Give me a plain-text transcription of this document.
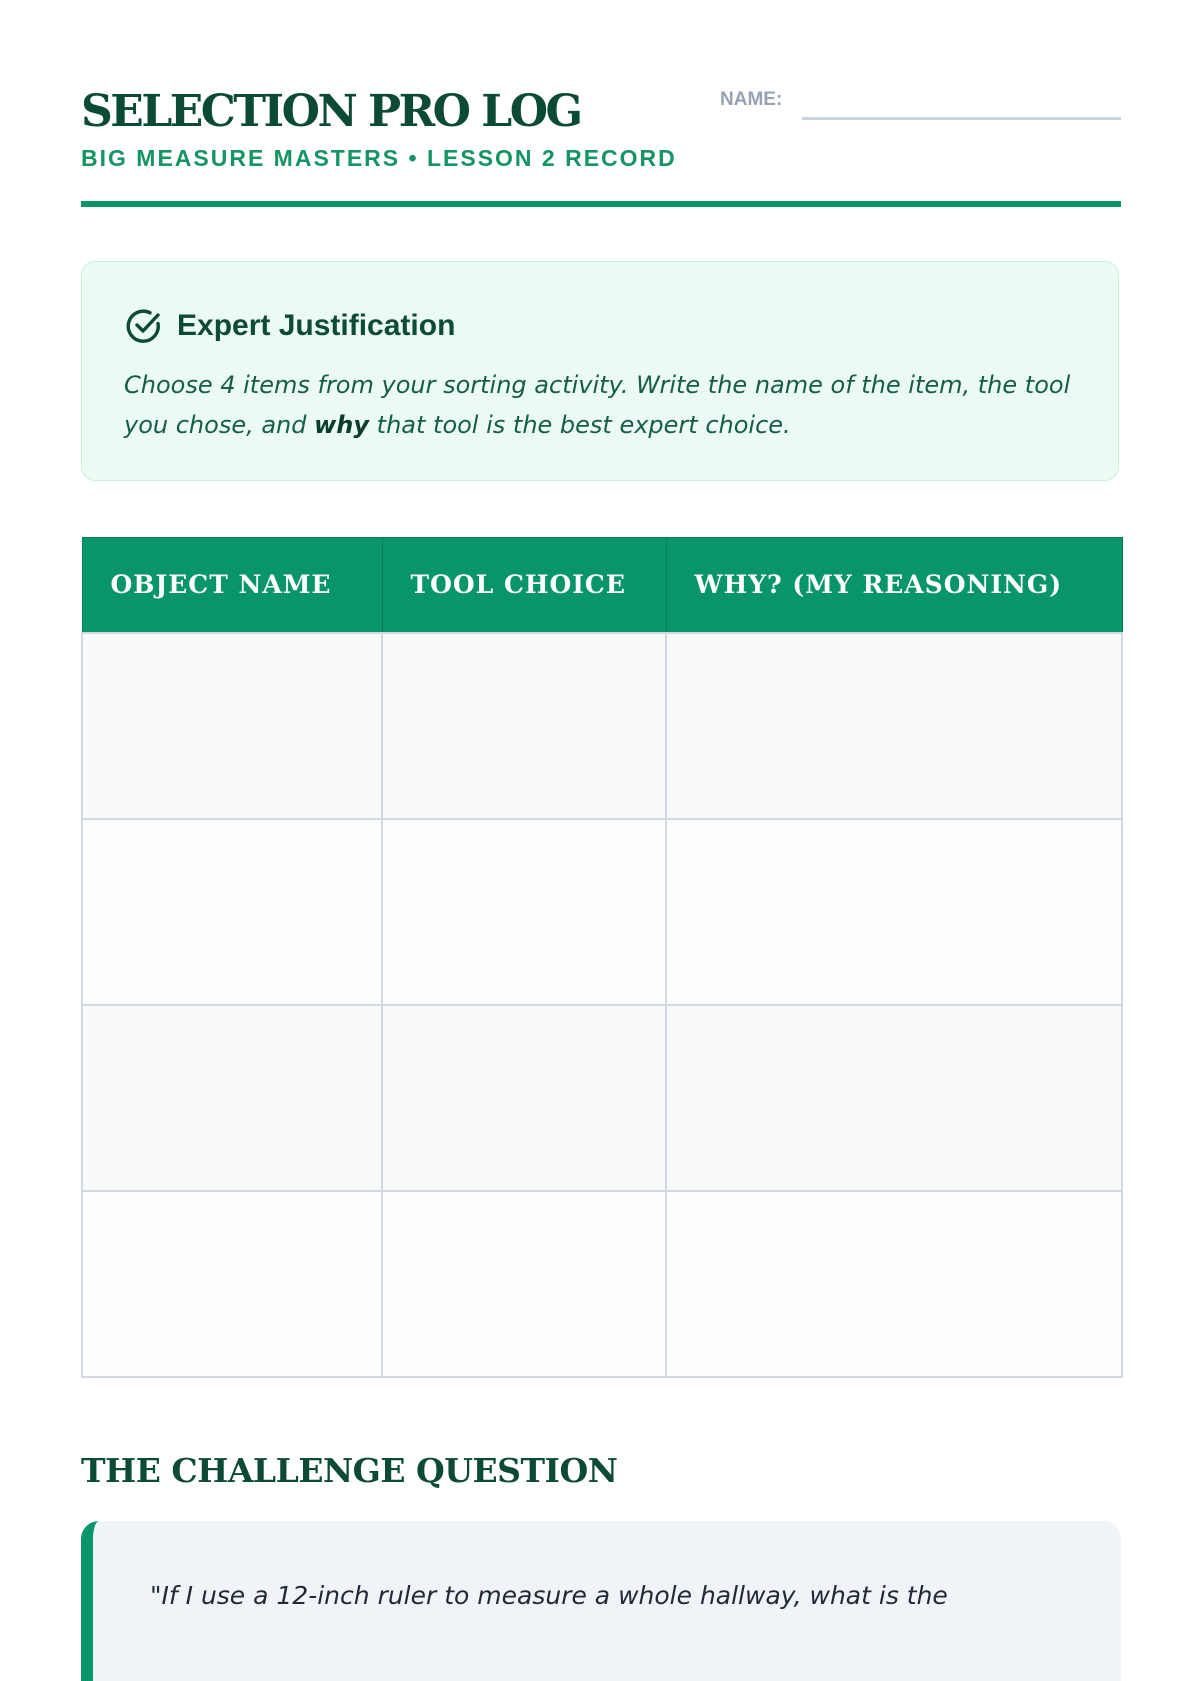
SELECTION PRO LOG
BIG MEASURE MASTERS • LESSON 2 RECORD
NAME:
Expert Justification

Choose 4 items from your sorting activity. Write the name of the item, the tool you chose, and why that tool is the best expert choice.

OBJECT NAME	TOOL CHOICE	WHY? (MY REASONING)

THE CHALLENGE QUESTION

"If I use a 12-inch ruler to measure a whole hallway, what is the
